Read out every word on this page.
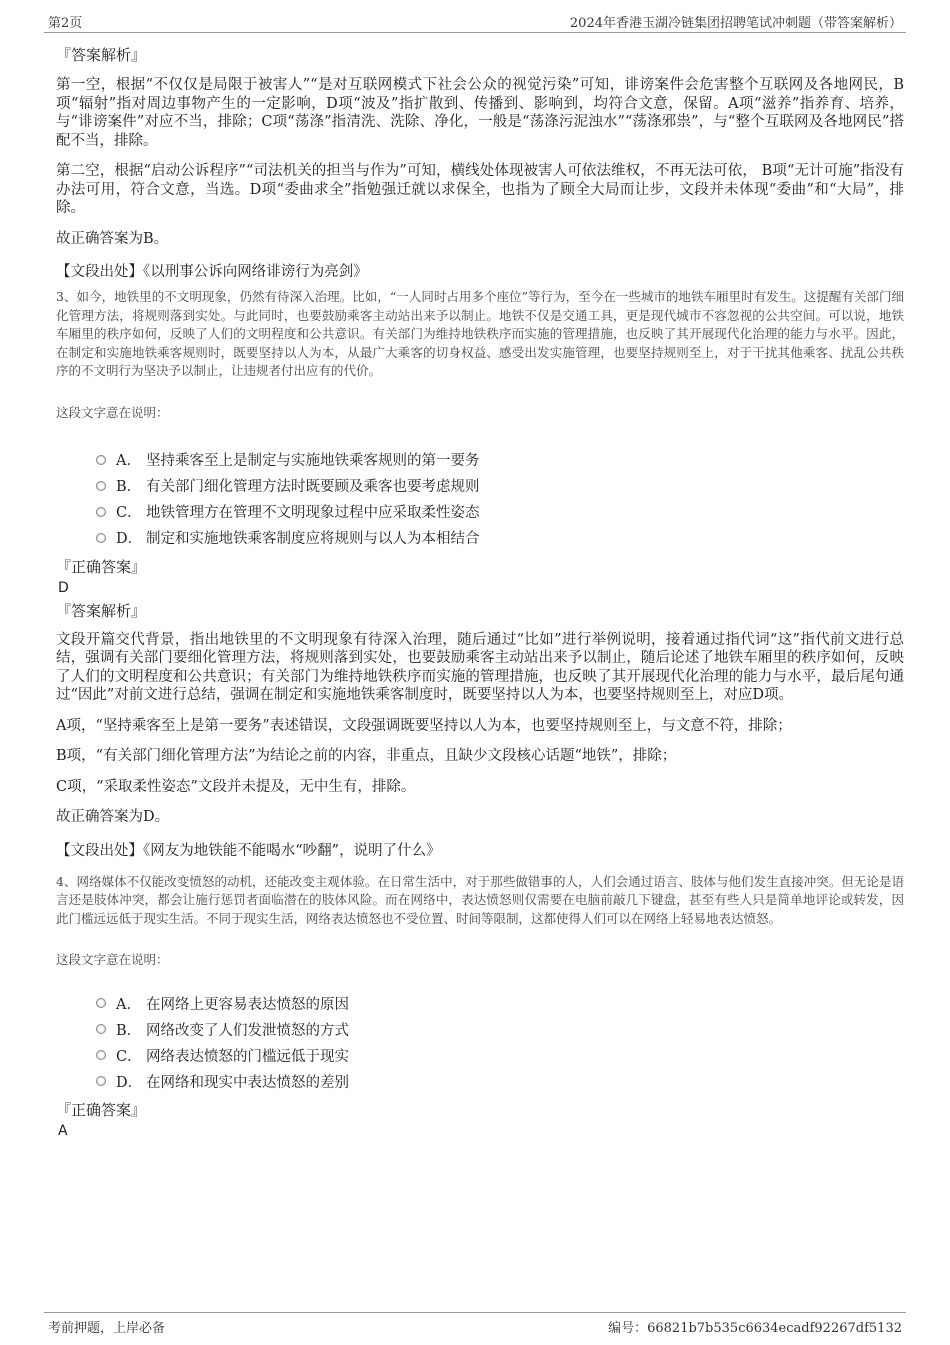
第2页	2024年香港玉湖冷链集团招聘笔试冲刺题（带答案解析）
『答案解析』

第一空，根据“不仅仅是局限于被害人”“是对互联网模式下社会公众的视觉污染”可知，诽谤案件会危害整个互联网及各地网民，B项“辐射”指对周边事物产生的一定影响，D项“波及”指扩散到、传播到、影响到，均符合文意，保留。A项“滋养”指养育、培养，与“诽谤案件”对应不当，排除；C项“荡涤”指清洗、洗除、净化，一般是“荡涤污泥浊水”“荡涤邪祟”，与“整个互联网及各地网民”搭配不当，排除。

第二空，根据“启动公诉程序”“司法机关的担当与作为”可知，横线处体现被害人可依法维权，不再无法可依， B项“无计可施”指没有办法可用，符合文意，当选。D项“委曲求全”指勉强迁就以求保全，也指为了顾全大局而让步，文段并未体现“委曲”和“大局”，排除。

故正确答案为B。

【文段出处】《以刑事公诉向网络诽谤行为亮剑》

3、如今，地铁里的不文明现象，仍然有待深入治理。比如，“一人同时占用多个座位”等行为，至今在一些城市的地铁车厢里时有发生。这提醒有关部门细化管理方法，将规则落到实处。与此同时，也要鼓励乘客主动站出来予以制止。地铁不仅是交通工具，更是现代城市不容忽视的公共空间。可以说，地铁车厢里的秩序如何，反映了人们的文明程度和公共意识。有关部门为维持地铁秩序而实施的管理措施，也反映了其开展现代化治理的能力与水平。因此，在制定和实施地铁乘客规则时，既要坚持以人为本，从最广大乘客的切身权益、感受出发实施管理，也要坚持规则至上，对于干扰其他乘客、扰乱公共秩序的不文明行为坚决予以制止，让违规者付出应有的代价。

这段文字意在说明：

A． 坚持乘客至上是制定与实施地铁乘客规则的第一要务
B． 有关部门细化管理方法时既要顾及乘客也要考虑规则
C． 地铁管理方在管理不文明现象过程中应采取柔性姿态
D． 制定和实施地铁乘客制度应将规则与以人为本相结合
『正确答案』
D
『答案解析』

文段开篇交代背景，指出地铁里的不文明现象有待深入治理，随后通过“比如”进行举例说明，接着通过指代词“这”指代前文进行总结，强调有关部门要细化管理方法，将规则落到实处，也要鼓励乘客主动站出来予以制止，随后论述了地铁车厢里的秩序如何，反映了人们的文明程度和公共意识；有关部门为维持地铁秩序而实施的管理措施，也反映了其开展现代化治理的能力与水平，最后尾句通过“因此”对前文进行总结，强调在制定和实施地铁乘客制度时，既要坚持以人为本，也要坚持规则至上，对应D项。

A项，“坚持乘客至上是第一要务”表述错误，文段强调既要坚持以人为本，也要坚持规则至上，与文意不符，排除；

B项，“有关部门细化管理方法”为结论之前的内容，非重点，且缺少文段核心话题“地铁”，排除；

C项，“采取柔性姿态”文段并未提及，无中生有，排除。

故正确答案为D。

【文段出处】《网友为地铁能不能喝水“吵翻”，说明了什么》

4、网络媒体不仅能改变愤怒的动机，还能改变主观体验。在日常生活中，对于那些做错事的人，人们会通过语言、肢体与他们发生直接冲突。但无论是语言还是肢体冲突，都会让施行惩罚者面临潜在的肢体风险。而在网络中，表达愤怒则仅需要在电脑前敲几下键盘，甚至有些人只是简单地评论或转发，因此门槛远远低于现实生活。不同于现实生活，网络表达愤怒也不受位置、时间等限制，这都使得人们可以在网络上轻易地表达愤怒。

这段文字意在说明：

A． 在网络上更容易表达愤怒的原因
B． 网络改变了人们发泄愤怒的方式
C． 网络表达愤怒的门槛远低于现实
D． 在网络和现实中表达愤怒的差别
『正确答案』
A
考前押题，上岸必备	编号：66821b7b535c6634ecadf92267df5132
